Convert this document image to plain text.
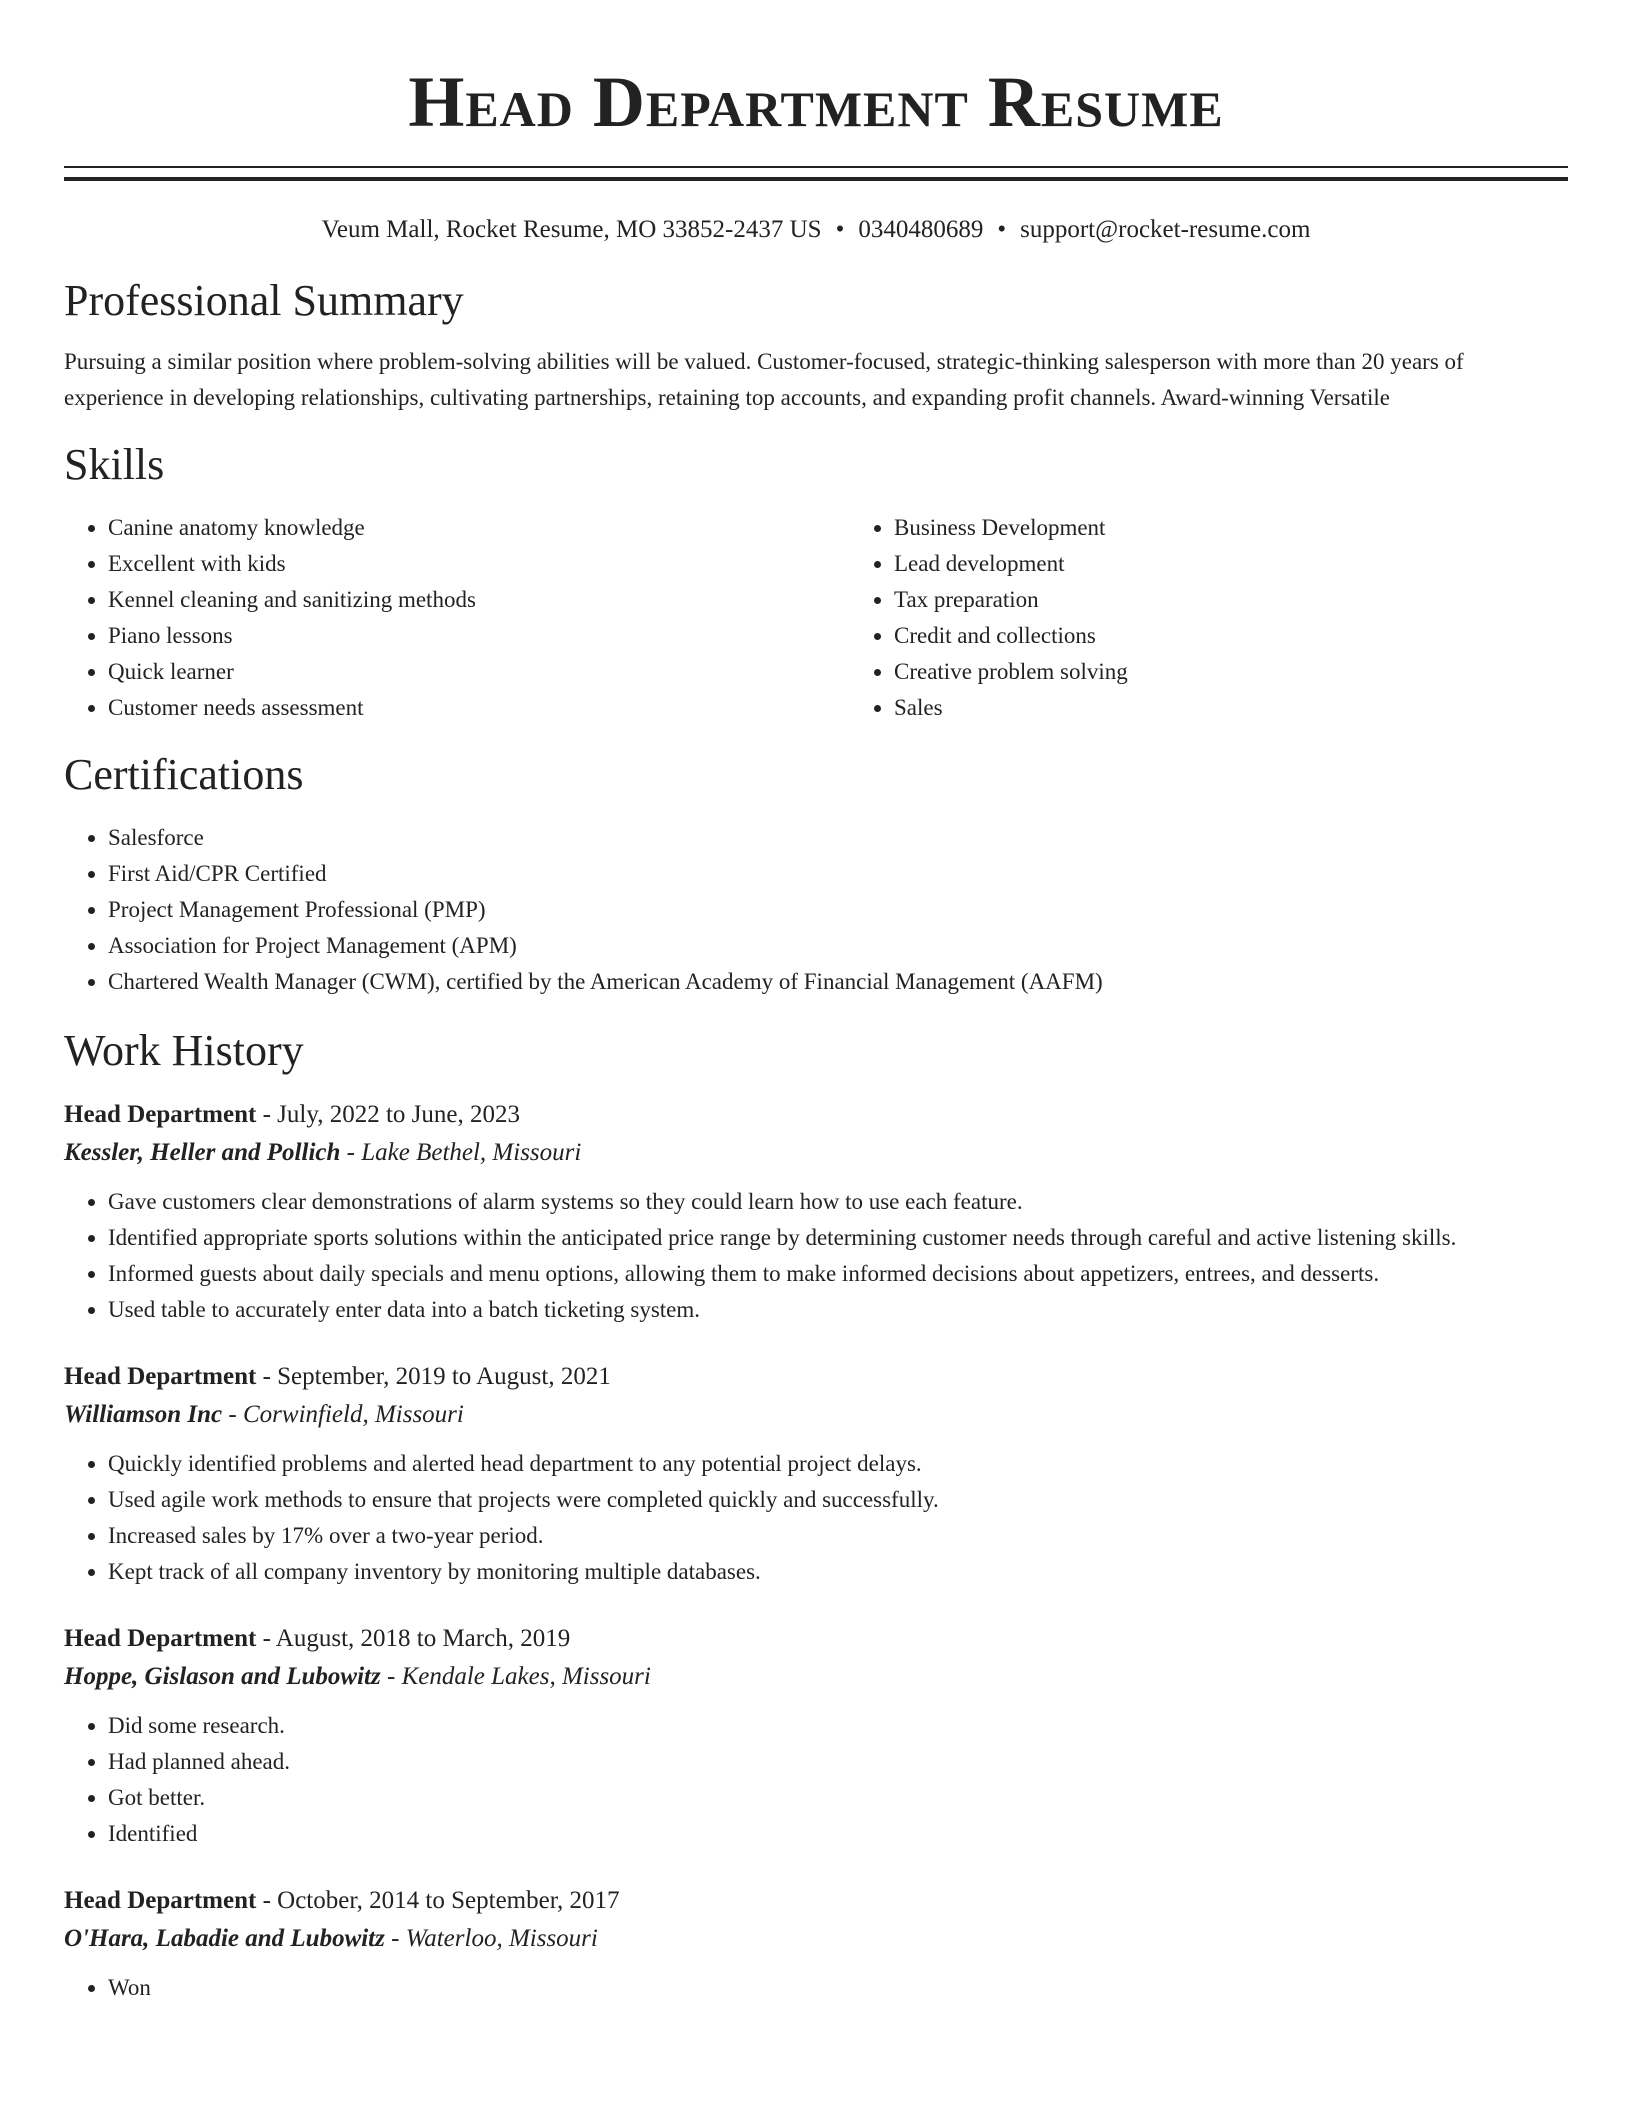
Head Department Resume
Veum Mall, Rocket Resume, MO 33852-2437 US • 0340480689 • support@rocket-resume.com
Professional Summary

Pursuing a similar position where problem-solving abilities will be valued. Customer-focused, strategic-thinking salesperson with more than 20 years of experience in developing relationships, cultivating partnerships, retaining top accounts, and expanding profit channels. Award-winning Versatile

Skills
• Canine anatomy knowledge
• Excellent with kids
• Kennel cleaning and sanitizing methods
• Piano lessons
• Quick learner
• Customer needs assessment
• Business Development
• Lead development
• Tax preparation
• Credit and collections
• Creative problem solving
• Sales
Certifications
• Salesforce
• First Aid/CPR Certified
• Project Management Professional (PMP)
• Association for Project Management (APM)
• Chartered Wealth Manager (CWM), certified by the American Academy of Financial Management (AAFM)
Work History
Head Department - July, 2022 to June, 2023
Kessler, Heller and Pollich - Lake Bethel, Missouri
• Gave customers clear demonstrations of alarm systems so they could learn how to use each feature.
• Identified appropriate sports solutions within the anticipated price range by determining customer needs through careful and active listening skills.
• Informed guests about daily specials and menu options, allowing them to make informed decisions about appetizers, entrees, and desserts.
• Used table to accurately enter data into a batch ticketing system.
Head Department - September, 2019 to August, 2021
Williamson Inc - Corwinfield, Missouri
• Quickly identified problems and alerted head department to any potential project delays.
• Used agile work methods to ensure that projects were completed quickly and successfully.
• Increased sales by 17% over a two-year period.
• Kept track of all company inventory by monitoring multiple databases.
Head Department - August, 2018 to March, 2019
Hoppe, Gislason and Lubowitz - Kendale Lakes, Missouri
• Did some research.
• Had planned ahead.
• Got better.
• Identified
Head Department - October, 2014 to September, 2017
O'Hara, Labadie and Lubowitz - Waterloo, Missouri
• Won
